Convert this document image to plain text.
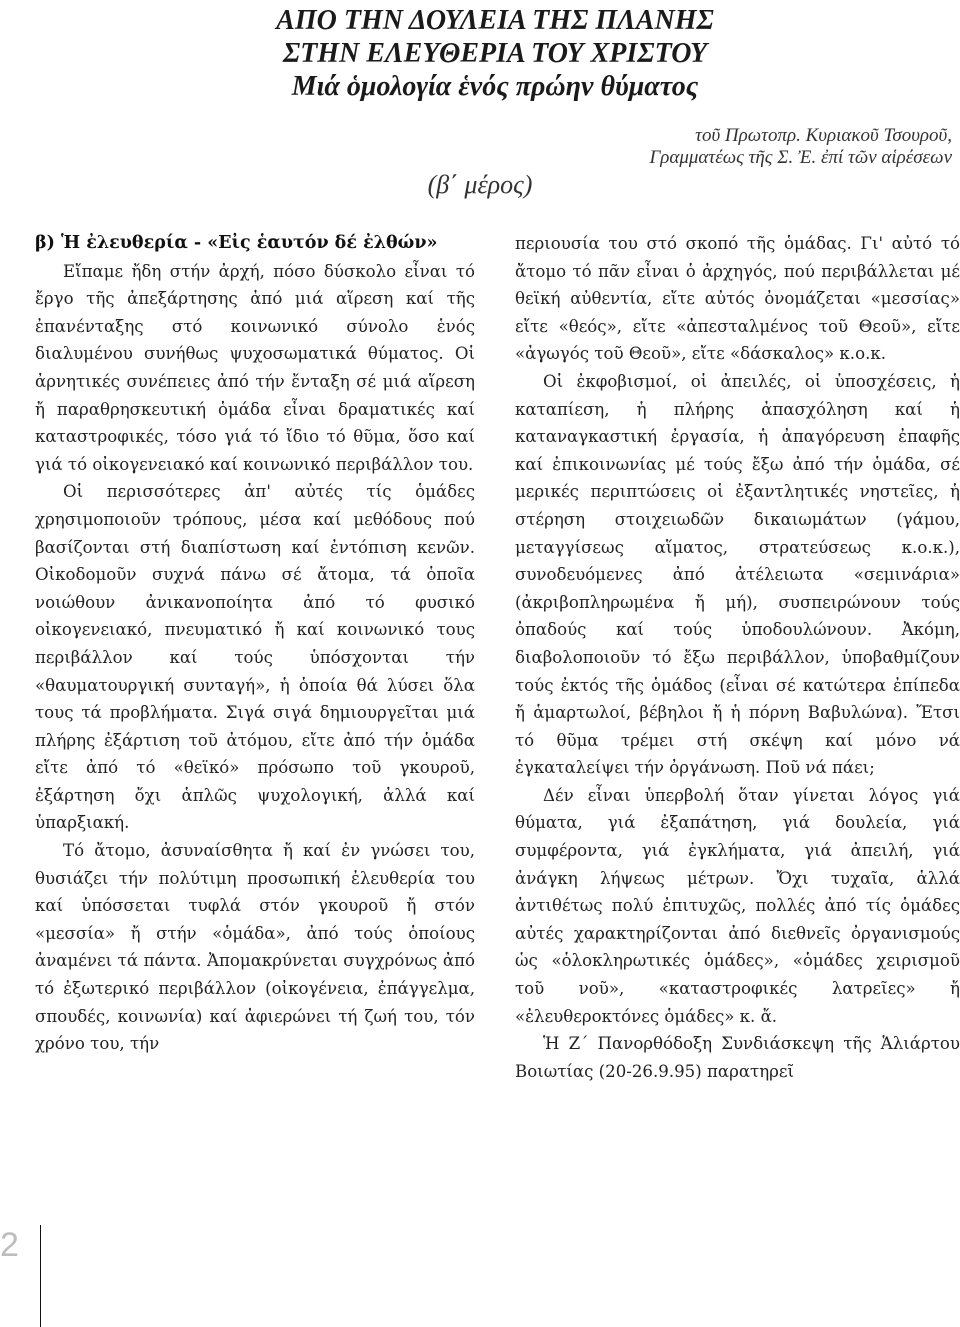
ΑΠΟ ΤΗΝ ΔΟΥΛΕΙΑ ΤΗΣ ΠΛΑΝΗΣ
ΣΤΗΝ ΕΛΕΥΘΕΡΙΑ ΤΟΥ ΧΡΙΣΤΟΥ
Μιά ὁμολογία ἑνός πρώην θύματος
τοῦ Πρωτοπρ. Κυριακοῦ Τσουροῦ,
Γραμματέως τῆς Σ. Ἐ. ἐπί τῶν αἱρέσεων
(β΄ μέρος)
β) Ἡ ἐλευθερία - «Εἰς ἑαυτόν δέ ἐλθών»

Εἴπαμε ἤδη στήν ἀρχή, πόσο δύσκολο εἶναι τό ἔργο τῆς ἀπεξάρτησης ἀπό μιά αἵρεση καί τῆς ἐπανένταξης στό κοινωνικό σύνολο ἑνός διαλυμένου συνήθως ψυχοσωματικά θύματος. Οἱ ἀρνητικές συνέπειες ἀπό τήν ἔνταξη σέ μιά αἵρεση ἤ παραθρησκευτική ὁμάδα εἶναι δραματικές καί καταστροφικές, τόσο γιά τό ἴδιο τό θῦμα, ὅσο καί γιά τό οἰκογενειακό καί κοινωνικό περιβάλλον του.

Οἱ περισσότερες ἀπ' αὐτές τίς ὁμάδες χρησιμοποιοῦν τρόπους, μέσα καί μεθόδους πού βασίζονται στή διαπίστωση καί ἐντόπιση κενῶν. Οἰκοδομοῦν συχνά πάνω σέ ἄτομα, τά ὁποῖα νοιώθουν ἀνικανοποίητα ἀπό τό φυσικό οἰκογενειακό, πνευματικό ἤ καί κοινωνικό τους περιβάλλον καί τούς ὑπόσχονται τήν «θαυματουργική συνταγή», ἡ ὁποία θά λύσει ὅλα τους τά προβλήματα. Σιγά σιγά δημιουργεῖται μιά πλήρης ἐξάρτιση τοῦ ἀτόμου, εἴτε ἀπό τήν ὁμάδα εἴτε ἀπό τό «θεϊκό» πρόσωπο τοῦ γκουροῦ, ἐξάρτηση ὄχι ἁπλῶς ψυχολογική, ἀλλά καί ὑπαρξιακή.

Τό ἄτομο, ἀσυναίσθητα ἤ καί ἐν γνώσει του, θυσιάζει τήν πολύτιμη προσωπική ἐλευθερία του καί ὑπόσσεται τυφλά στόν γκουροῦ ἤ στόν «μεσσία» ἤ στήν «ὁμάδα», ἀπό τούς ὁποίους ἀναμένει τά πάντα. Ἀπομακρύνεται συγχρόνως ἀπό τό ἐξωτερικό περιβάλλον (οἰκογένεια, ἐπάγγελμα, σπουδές, κοινωνία) καί ἀφιερώνει τή ζωή του, τόν χρόνο του, τήν

περιουσία του στό σκοπό τῆς ὁμάδας. Γι' αὐτό τό ἄτομο τό πᾶν εἶναι ὁ ἀρχηγός, πού περιβάλλεται μέ θεϊκή αὐθεντία, εἴτε αὐτός ὀνομάζεται «μεσσίας» εἴτε «θεός», εἴτε «ἀπεσταλμένος τοῦ Θεοῦ», εἴτε «ἀγωγός τοῦ Θεοῦ», εἴτε «δάσκαλος» κ.ο.κ.

Οἱ ἐκφοβισμοί, οἱ ἀπειλές, οἱ ὑποσχέσεις, ἡ καταπίεση, ἡ πλήρης ἀπασχόληση καί ἡ καταναγκαστική ἐργασία, ἡ ἀπαγόρευση ἐπαφῆς καί ἐπικοινωνίας μέ τούς ἔξω ἀπό τήν ὁμάδα, σέ μερικές περιπτώσεις οἱ ἐξαντλητικές νηστεῖες, ἡ στέρηση στοιχειωδῶν δικαιωμάτων (γάμου, μεταγγίσεως αἵματος, στρατεύσεως κ.ο.κ.), συνοδευόμενες ἀπό ἀτέλειωτα «σεμινάρια» (ἀκριβοπληρωμένα ἤ μή), συσπειρώνουν τούς ὀπαδούς καί τούς ὑποδουλώνουν. Ἀκόμη, διαβολοποιοῦν τό ἔξω περιβάλλον, ὑποβαθμίζουν τούς ἐκτός τῆς ὁμάδος (εἶναι σέ κατώτερα ἐπίπεδα ἤ ἁμαρτωλοί, βέβηλοι ἤ ἡ πόρνη Βαβυλώνα). Ἔτσι τό θῦμα τρέμει στή σκέψη καί μόνο νά ἐγκαταλείψει τήν ὀργάνωση. Ποῦ νά πάει;

Δέν εἶναι ὑπερβολή ὅταν γίνεται λόγος γιά θύματα, γιά ἐξαπάτηση, γιά δουλεία, γιά συμφέροντα, γιά ἐγκλήματα, γιά ἀπειλή, γιά ἀνάγκη λήψεως μέτρων. Ὄχι τυχαῖα, ἀλλά ἀντιθέτως πολύ ἐπιτυχῶς, πολλές ἀπό τίς ὁμάδες αὐτές χαρακτηρίζονται ἀπό διεθνεῖς ὀργανισμούς ὡς «ὁλοκληρωτικές ὁμάδες», «ὁμάδες χειρισμοῦ τοῦ νοῦ», «καταστροφικές λατρεῖες» ἤ «ἐλευθεροκτόνες ὁμάδες» κ. ἄ.

Ἡ Ζ΄ Πανορθόδοξη Συνδιάσκεψη τῆς Ἁλιάρτου Βοιωτίας (20-26.9.95) παρατηρεῖ

2
